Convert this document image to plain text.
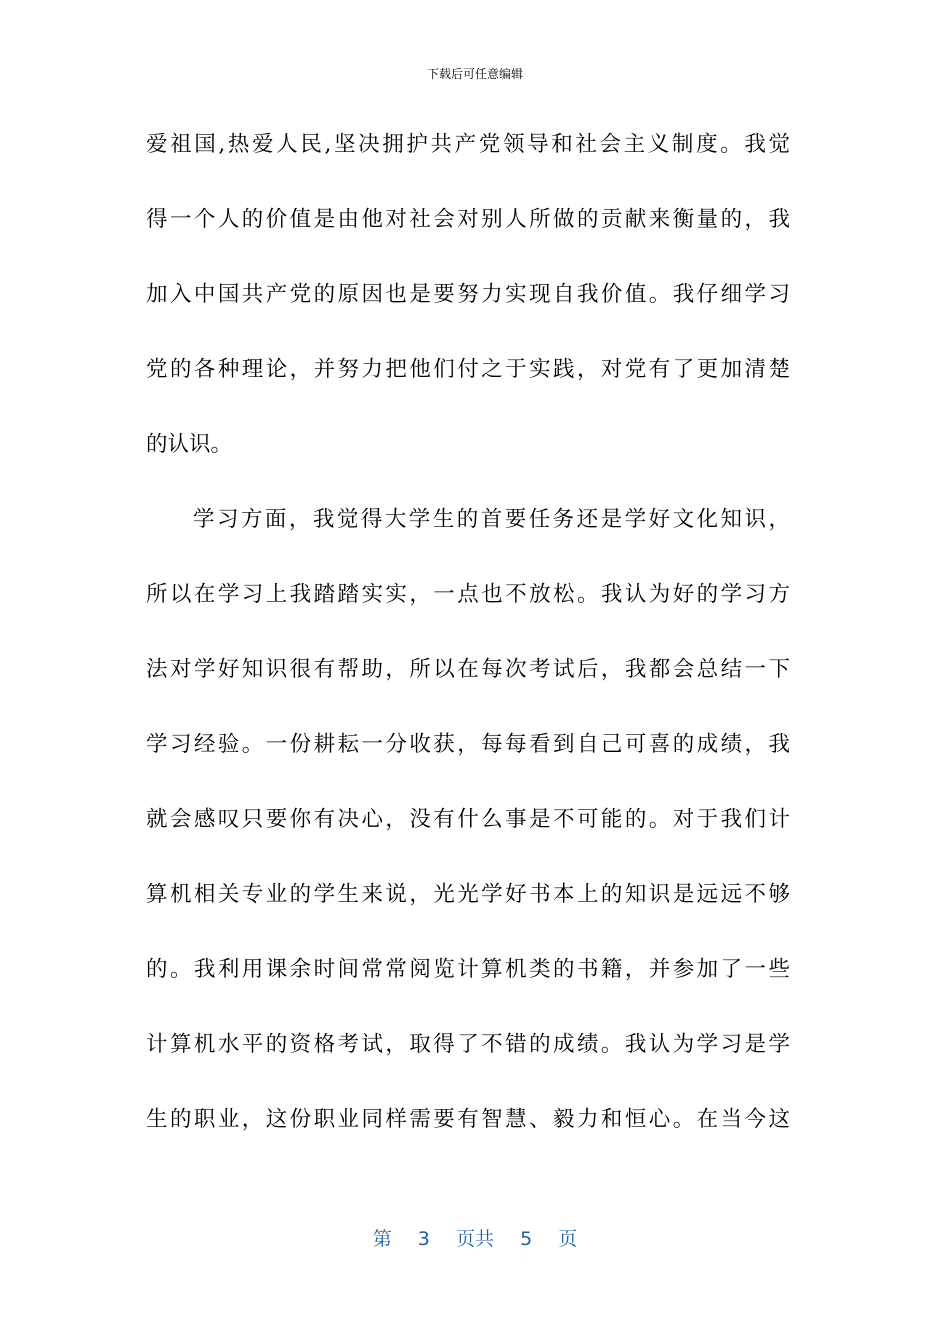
下载后可任意编辑
爱祖国,热爱人民,坚决拥护共产党领导和社会主义制度。我觉
得一个人的价值是由他对社会对别人所做的贡献来衡量的，我
加入中国共产党的原因也是要努力实现自我价值。我仔细学习
党的各种理论，并努力把他们付之于实践，对党有了更加清楚
的认识。
学习方面，我觉得大学生的首要任务还是学好文化知识，
所以在学习上我踏踏实实，一点也不放松。我认为好的学习方
法对学好知识很有帮助，所以在每次考试后，我都会总结一下
学习经验。一份耕耘一分收获，每每看到自己可喜的成绩，我
就会感叹只要你有决心，没有什么事是不可能的。对于我们计
算机相关专业的学生来说，光光学好书本上的知识是远远不够
的。我利用课余时间常常阅览计算机类的书籍，并参加了一些
计算机水平的资格考试，取得了不错的成绩。我认为学习是学
生的职业，这份职业同样需要有智慧、毅力和恒心。在当今这
第 3 页共 5 页
